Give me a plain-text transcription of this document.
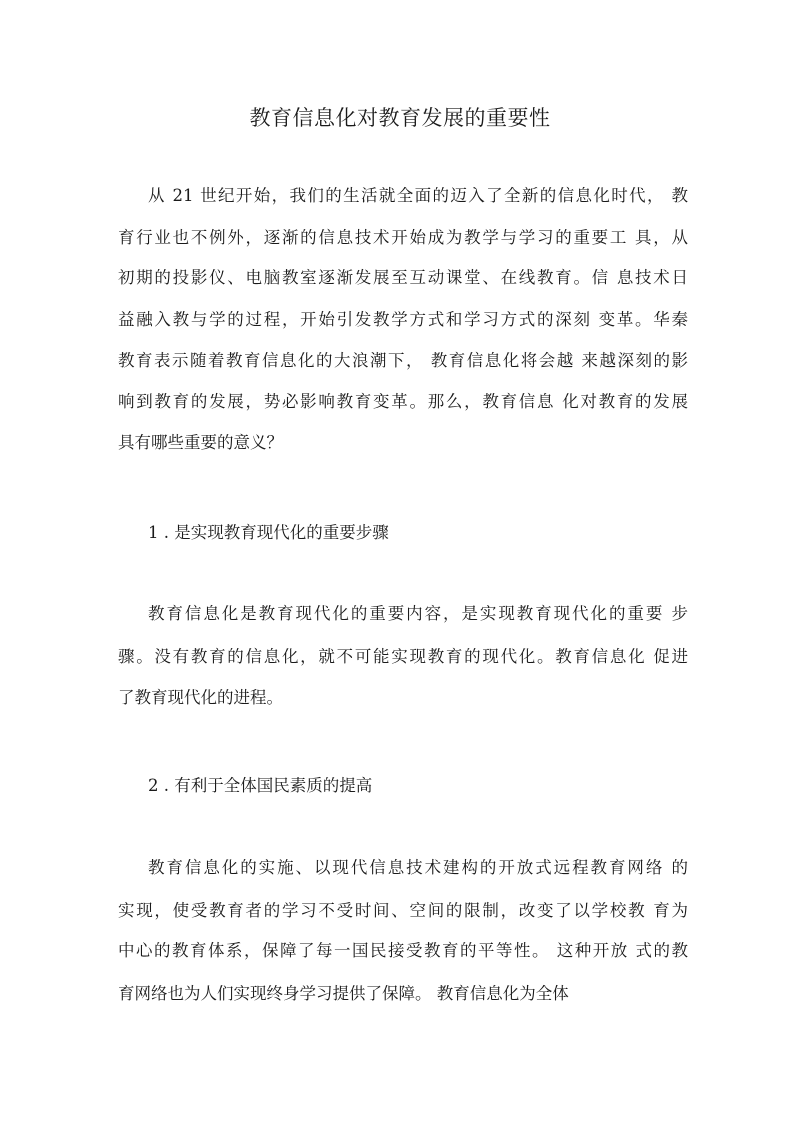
教育信息化对教育发展的重要性
从 21 世纪开始，我们的生活就全面的迈入了全新的信息化时代， 教
育行业也不例外，逐渐的信息技术开始成为教学与学习的重要工 具，从
初期的投影仪、电脑教室逐渐发展至互动课堂、在线教育。信 息技术日
益融入教与学的过程，开始引发教学方式和学习方式的深刻 变革。华秦
教育表示随着教育信息化的大浪潮下， 教育信息化将会越 来越深刻的影
响到教育的发展，势必影响教育变革。那么，教育信息 化对教育的发展
具有哪些重要的意义？
1 . 是实现教育现代化的重要步骤
教育信息化是教育现代化的重要内容，是实现教育现代化的重要 步
骤。没有教育的信息化，就不可能实现教育的现代化。教育信息化 促进
了教育现代化的进程。
2 . 有利于全体国民素质的提高
教育信息化的实施、以现代信息技术建构的开放式远程教育网络 的
实现，使受教育者的学习不受时间、空间的限制，改变了以学校教 育为
中心的教育体系，保障了每一国民接受教育的平等性。 这种开放 式的教
育网络也为人们实现终身学习提供了保障。 教育信息化为全体
